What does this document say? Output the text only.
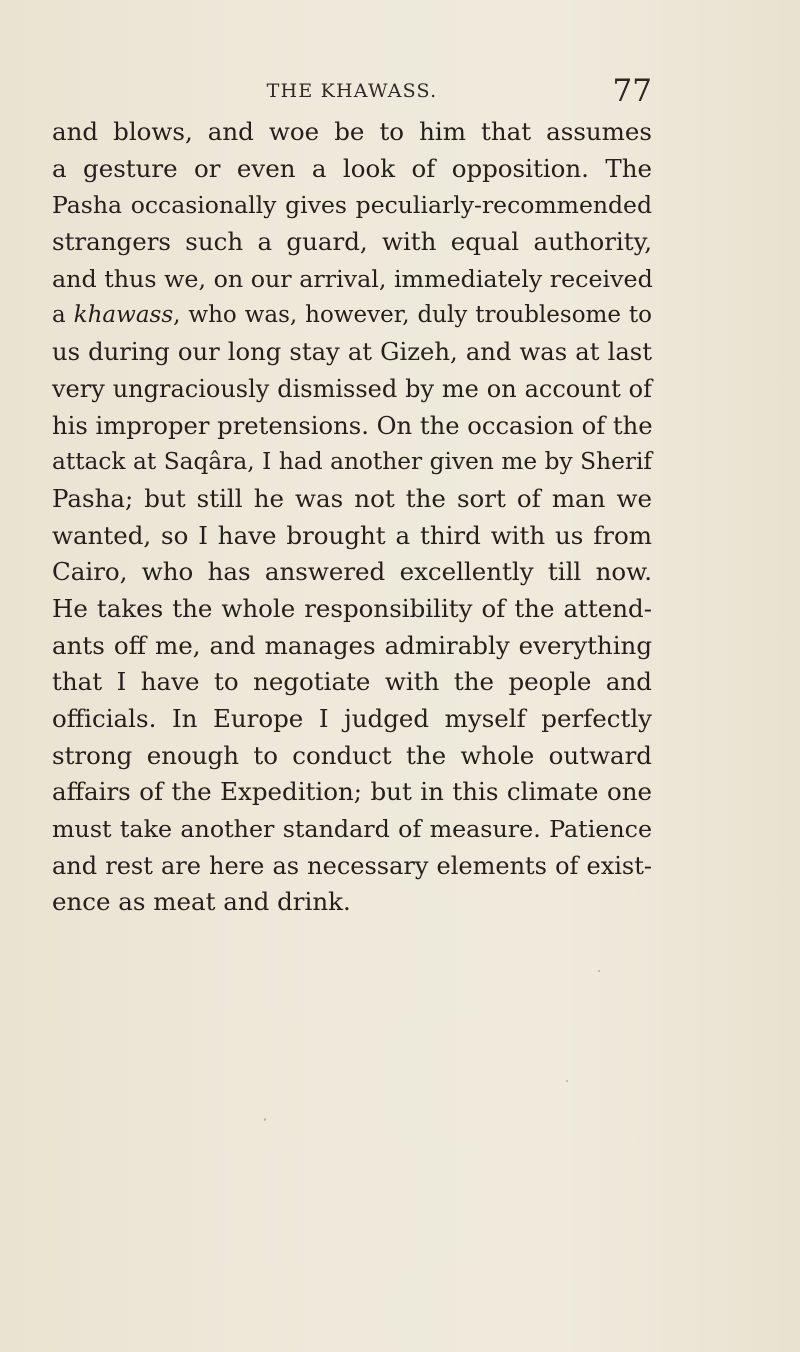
THE KHAWASS.	77
and blows, and woe be to him that assumes
a gesture or even a look of opposition. The
Pasha occasionally gives peculiarly-recommended
strangers such a guard, with equal authority,
and thus we, on our arrival, immediately received
a khawass, who was, however, duly troublesome to
us during our long stay at Gizeh, and was at last
very ungraciously dismissed by me on account of
his improper pretensions. On the occasion of the
attack at Saqâra, I had another given me by Sherif
Pasha; but still he was not the sort of man we
wanted, so I have brought a third with us from
Cairo, who has answered excellently till now.
He takes the whole responsibility of the attend-
ants off me, and manages admirably everything
that I have to negotiate with the people and
officials. In Europe I judged myself perfectly
strong enough to conduct the whole outward
affairs of the Expedition; but in this climate one
must take another standard of measure. Patience
and rest are here as necessary elements of exist-
ence as meat and drink.
